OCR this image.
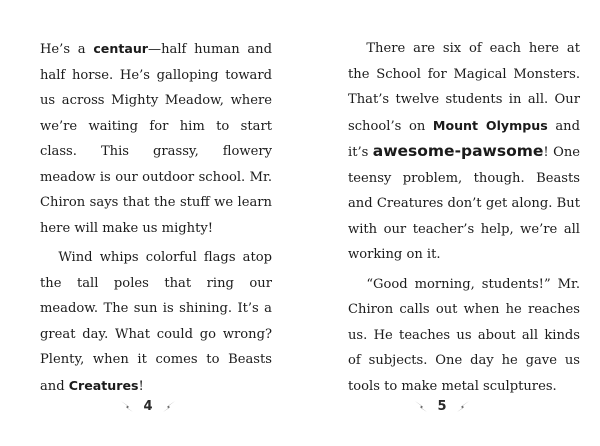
He’s a centaur—half human and half horse. He’s galloping toward us across Mighty Meadow, where we’re waiting for him to start class. This grassy, flowery meadow is our outdoor school. Mr. Chiron says that the stuff we learn here will make us mighty!

Wind whips colorful flags atop the tall poles that ring our meadow. The sun is shining. It’s a great day. What could go wrong? Plenty, when it comes to Beasts and Creatures!

There are six of each here at the School for Magical Monsters. That’s twelve students in all. Our school’s on Mount Olympus and it’s awesome-pawsome! One teensy problem, though. Beasts and Creatures don’t get along. But with our teacher’s help, we’re all working on it.

“Good morning, students!” Mr. Chiron calls out when he reaches us. He teaches us about all kinds of subjects. One day he gave us tools to make metal sculptures.

4	5
